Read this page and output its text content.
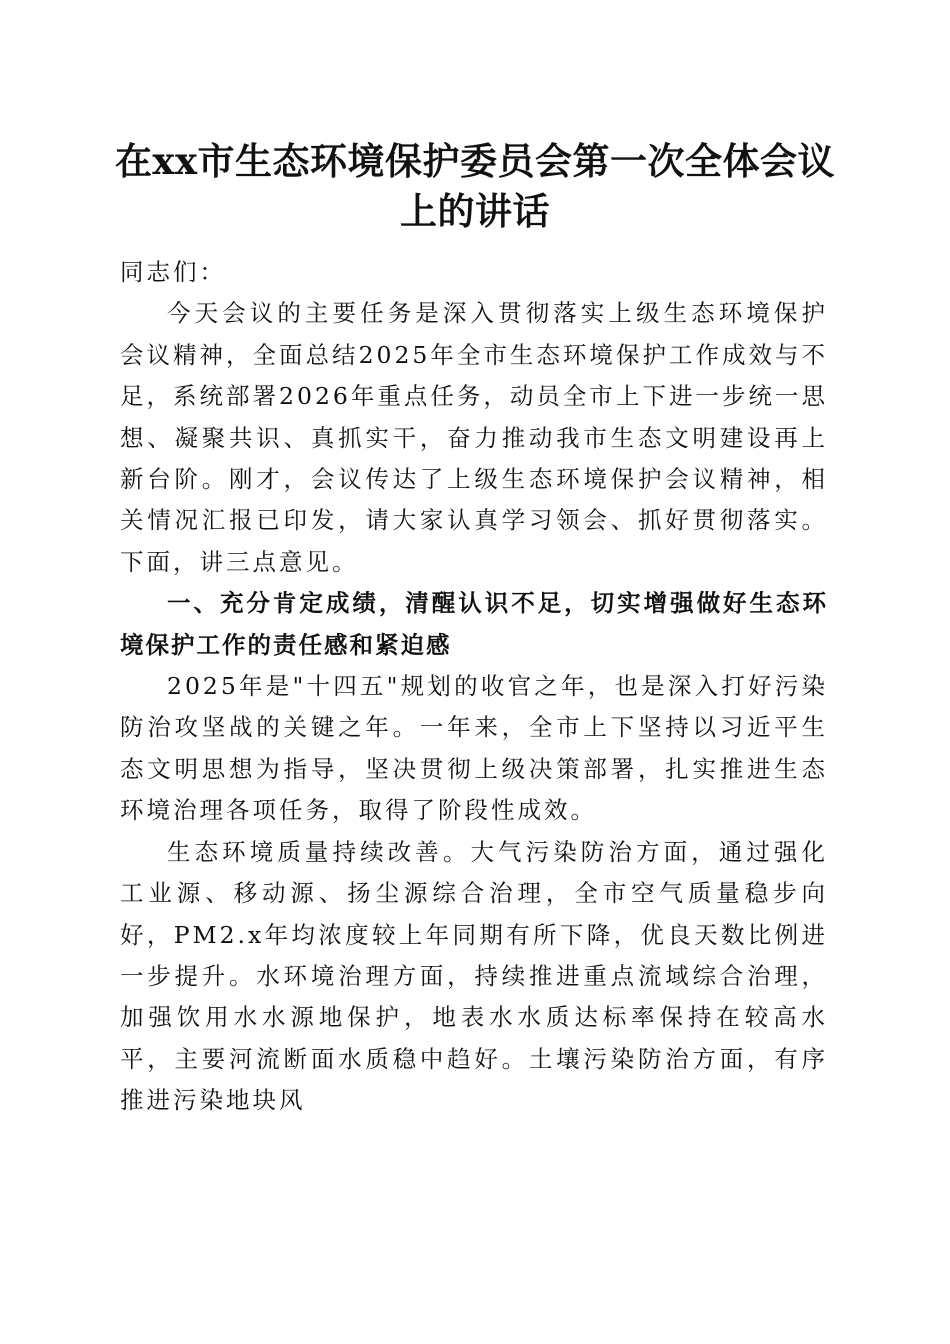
在xx市生态环境保护委员会第一次全体会议
上的讲话

同志们：

今天会议的主要任务是深入贯彻落实上级生态环境保护会议精神，全面总结2025年全市生态环境保护工作成效与不足，系统部署2026年重点任务，动员全市上下进一步统一思想、凝聚共识、真抓实干，奋力推动我市生态文明建设再上新台阶。刚才，会议传达了上级生态环境保护会议精神，相关情况汇报已印发，请大家认真学习领会、抓好贯彻落实。下面，讲三点意见。

一、充分肯定成绩，清醒认识不足，切实增强做好生态环境保护工作的责任感和紧迫感

2025年是"十四五"规划的收官之年，也是深入打好污染防治攻坚战的关键之年。一年来，全市上下坚持以习近平生态文明思想为指导，坚决贯彻上级决策部署，扎实推进生态环境治理各项任务，取得了阶段性成效。

生态环境质量持续改善。大气污染防治方面，通过强化工业源、移动源、扬尘源综合治理，全市空气质量稳步向好，PM2.x年均浓度较上年同期有所下降，优良天数比例进一步提升。水环境治理方面，持续推进重点流域综合治理，加强饮用水水源地保护，地表水水质达标率保持在较高水平，主要河流断面水质稳中趋好。土壤污染防治方面，有序推进污染地块风
